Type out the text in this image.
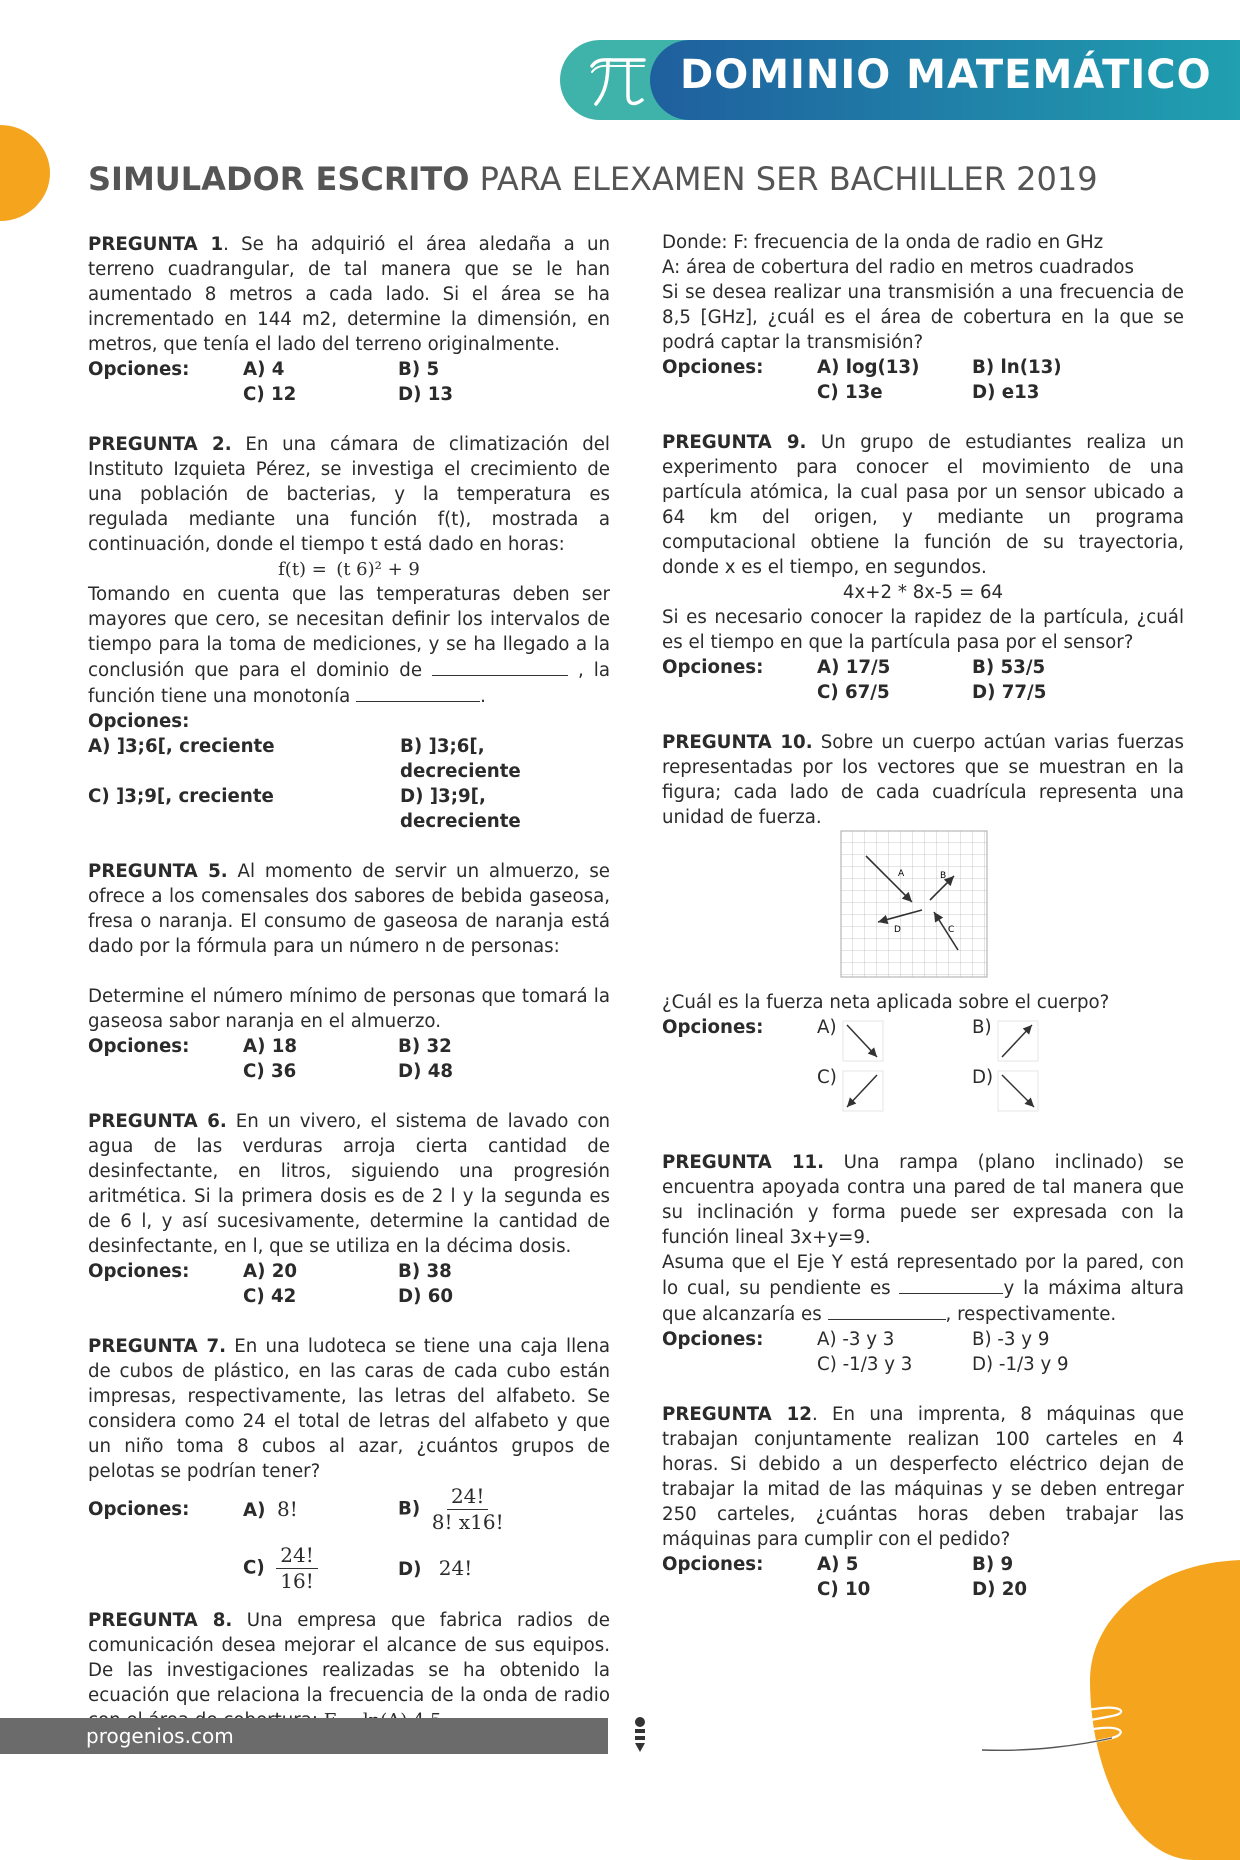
DOMINIO MATEMÁTICO
SIMULADOR ESCRITO PARA ELEXAMEN SER BACHILLER 2019

PREGUNTA 1. Se ha adquirió el área aledaña a un terreno cuadrangular, de tal manera que se le han aumentado 8 metros a cada lado. Si el área se ha incrementado en 144 m2, determine la dimensión, en metros, que tenía el lado del terreno originalmente.

Opciones:	A) 4	B) 5
C) 12	D) 13

PREGUNTA 2. En una cámara de climatización del Instituto Izquieta Pérez, se investiga el crecimiento de una población de bacterias, y la temperatura es regulada mediante una función f(t), mostrada a continuación, donde el tiempo t está dado en horas:

f(t) =  (t 6)² + 9

Tomando en cuenta que las temperaturas deben ser mayores que cero, se necesitan definir los intervalos de tiempo para la toma de mediciones, y se ha llegado a la conclusión que para el dominio de	, la función tiene una monotonía	.

Opciones:
A) ]3;6[, creciente	B) ]3;6[, decreciente
C) ]3;9[, creciente	D) ]3;9[, decreciente

PREGUNTA 5. Al momento de servir un almuerzo, se ofrece a los comensales dos sabores de bebida gaseosa, fresa o naranja. El consumo de gaseosa de naranja está dado por la fórmula para un número n de personas:

Determine el número mínimo de personas que tomará la gaseosa sabor naranja en el almuerzo.

Opciones:	A) 18	B) 32
C) 36	D) 48

PREGUNTA 6. En un vivero, el sistema de lavado con agua de las verduras arroja cierta cantidad de desinfectante, en litros, siguiendo una progresión aritmética. Si la primera dosis es de 2 l y la segunda es de 6 l, y así sucesivamente, determine la cantidad de desinfectante, en l, que se utiliza en la décima dosis.

Opciones:	A) 20	B) 38
C) 42	D) 60

PREGUNTA 7. En una ludoteca se tiene una caja llena de cubos de plástico, en las caras de cada cubo están impresas, respectivamente, las letras del alfabeto. Se considera como 24 el total de letras del alfabeto y que un niño toma 8 cubos al azar, ¿cuántos grupos de pelotas se podrían tener?

Opciones:	A) 8!	$B) \frac{24!}{8! x16!}$
$C) \frac{24!}{16!}$	D) 24!

PREGUNTA 8. Una empresa que fabrica radios de comunicación desea mejorar el alcance de sus equipos. De las investigaciones realizadas se ha obtenido la ecuación que relaciona la frecuencia de la onda de radio

Donde: F: frecuencia de la onda de radio en GHz

A: área de cobertura del radio en metros cuadrados

Si se desea realizar una transmisión a una frecuencia de 8,5 [GHz], ¿cuál es el área de cobertura en la que se podrá captar la transmisión?

Opciones:	A) log(13)	B) ln(13)
C) 13e	D) e13

PREGUNTA 9. Un grupo de estudiantes realiza un experimento para conocer el movimiento de una partícula atómica, la cual pasa por un sensor ubicado a 64 km del origen, y mediante un programa computacional obtiene la función de su trayectoria, donde x es el tiempo, en segundos.

4x+2 * 8x-5 = 64

Si es necesario conocer la rapidez de la partícula, ¿cuál es el tiempo en que la partícula pasa por el sensor?

Opciones:	A) 17/5	B) 53/5
C) 67/5	D) 77/5

PREGUNTA 10. Sobre un cuerpo actúan varias fuerzas representadas por los vectores que se muestran en la figura; cada lado de cada cuadrícula representa una unidad de fuerza.

A	B
C
D

¿Cuál es la fuerza neta aplicada sobre el cuerpo?

Opciones:	A)	B)
C)	D)

PREGUNTA 11. Una rampa (plano inclinado) se encuentra apoyada contra una pared de tal manera que su inclinación y forma puede ser expresada con la función lineal 3x+y=9.

Asuma que el Eje Y está representado por la pared, con lo cual, su pendiente es	y la máxima altura que alcanzaría es	, respectivamente.

Opciones:	A) -3 y 3	B) -3 y 9
C) -1/3 y 3	D) -1/3 y 9

PREGUNTA 12. En una imprenta, 8 máquinas que trabajan conjuntamente realizan 100 carteles en 4 horas. Si debido a un desperfecto eléctrico dejan de trabajar la mitad de las máquinas y se deben entregar 250 carteles, ¿cuántas horas deben trabajar las máquinas para cumplir con el pedido?

Opciones:	A) 5	B) 9
C) 10	D) 20
progenios.com
